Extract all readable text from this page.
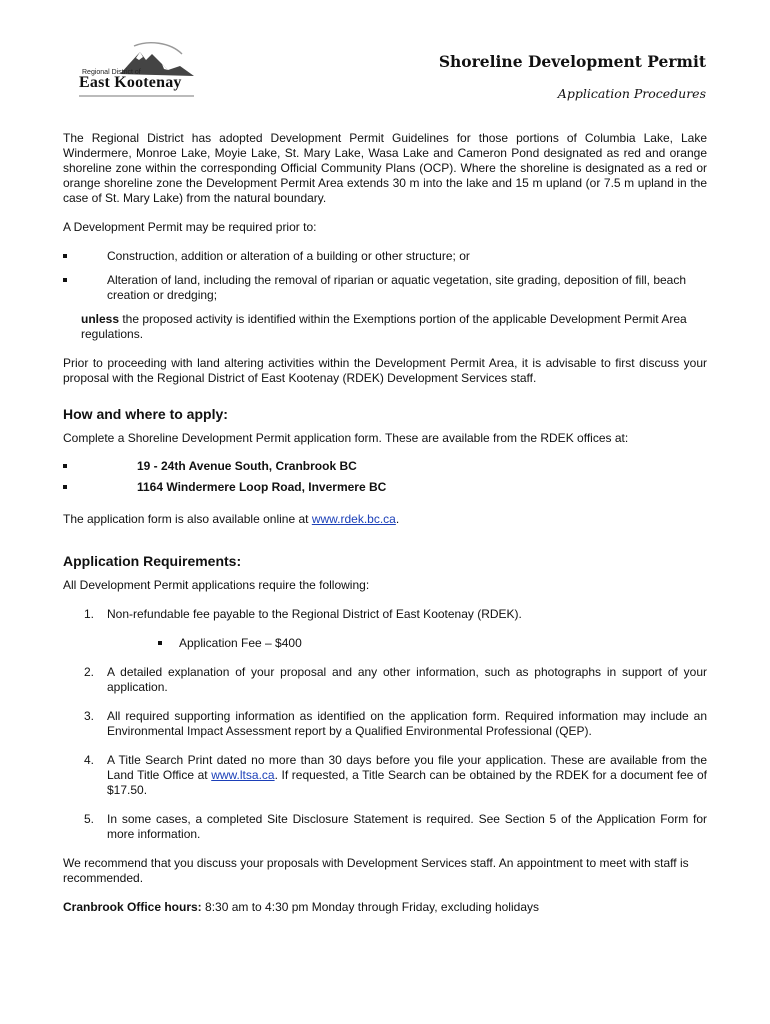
Regional District of
East Kootenay
Shoreline Development Permit
Application Procedures

The Regional District has adopted Development Permit Guidelines for those portions of Columbia Lake, Lake Windermere, Monroe Lake, Moyie Lake, St. Mary Lake, Wasa Lake and Cameron Pond designated as red and orange shoreline zone within the corresponding Official Community Plans (OCP). Where the shoreline is designated as a red or orange shoreline zone the Development Permit Area extends 30 m into the lake and 15 m upland (or 7.5 m upland in the case of St. Mary Lake) from the natural boundary.

A Development Permit may be required prior to:

Construction, addition or alteration of a building or other structure; or
Alteration of land, including the removal of riparian or aquatic vegetation, site grading, deposition of fill, beach creation or dredging;

unless the proposed activity is identified within the Exemptions portion of the applicable Development Permit Area regulations.

Prior to proceeding with land altering activities within the Development Permit Area, it is advisable to first discuss your proposal with the Regional District of East Kootenay (RDEK) Development Services staff.

How and where to apply:

Complete a Shoreline Development Permit application form. These are available from the RDEK offices at:

19 - 24th Avenue South, Cranbrook BC
1164 Windermere Loop Road, Invermere BC

The application form is also available online at www.rdek.bc.ca.

Application Requirements:

All Development Permit applications require the following:

1. Non-refundable fee payable to the Regional District of East Kootenay (RDEK).
Application Fee – $400
2. A detailed explanation of your proposal and any other information, such as photographs in support of your application.
3. All required supporting information as identified on the application form. Required information may include an Environmental Impact Assessment report by a Qualified Environmental Professional (QEP).
4. A Title Search Print dated no more than 30 days before you file your application. These are available from the Land Title Office at www.ltsa.ca. If requested, a Title Search can be obtained by the RDEK for a document fee of $17.50.
5. In some cases, a completed Site Disclosure Statement is required. See Section 5 of the Application Form for more information.

We recommend that you discuss your proposals with Development Services staff. An appointment to meet with staff is recommended.

Cranbrook Office hours: 8:30 am to 4:30 pm Monday through Friday, excluding holidays
